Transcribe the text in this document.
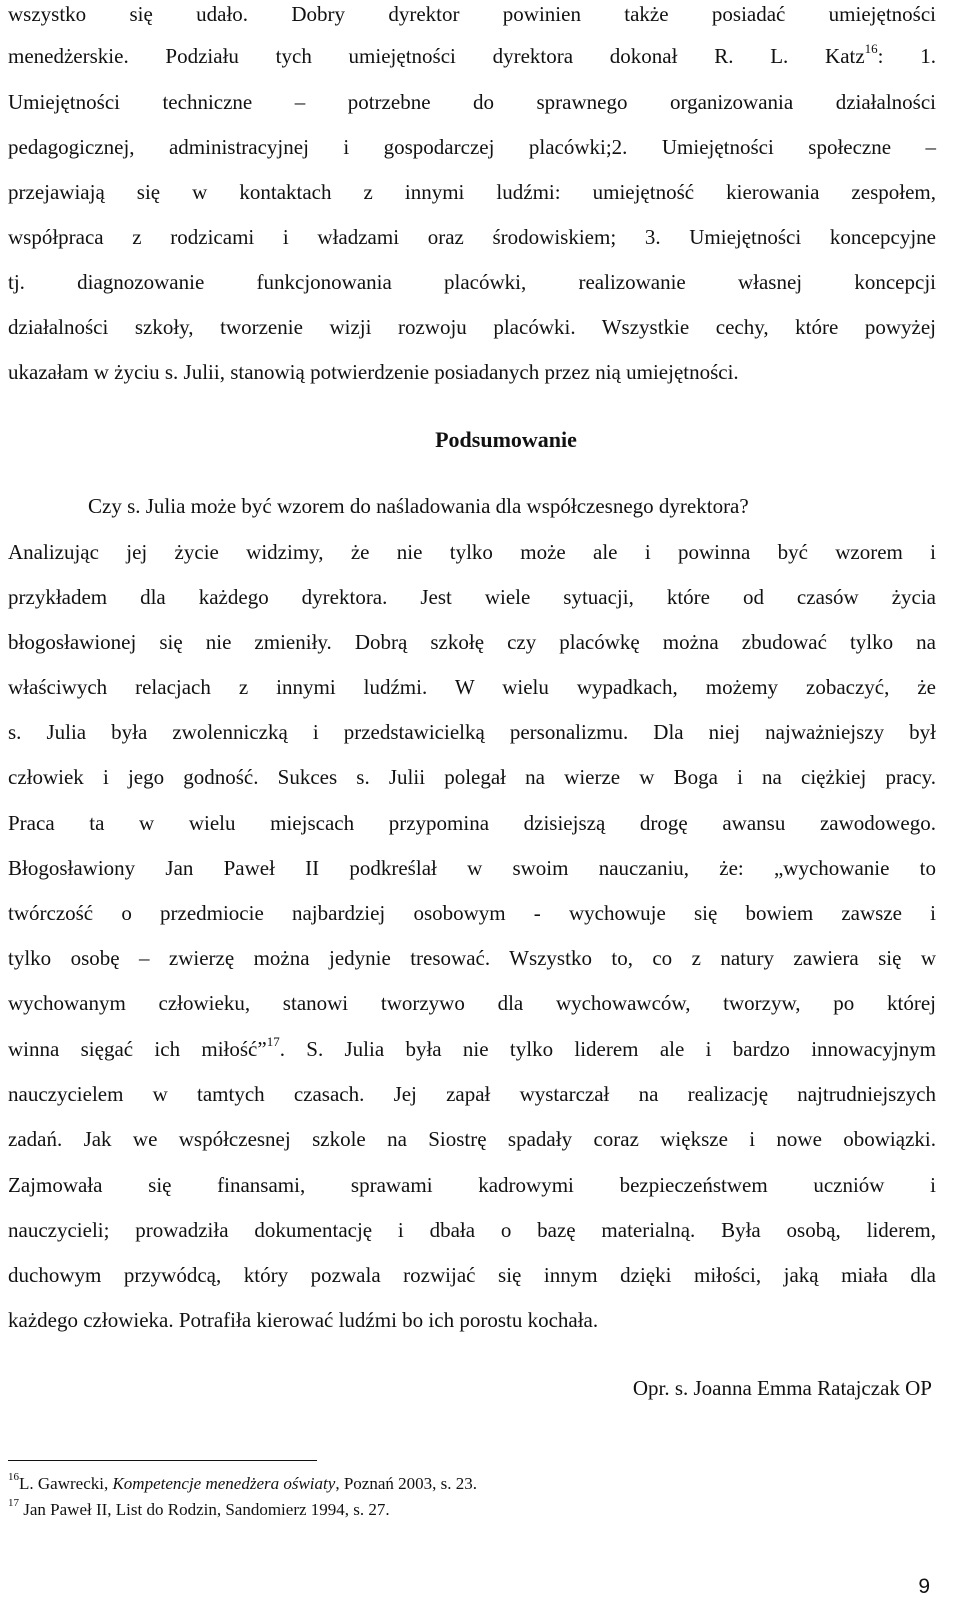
wszystko się udało. Dobry dyrektor powinien także posiadać umiejętności
menedżerskie. Podziału tych umiejętności dyrektora dokonał R. L. Katz$^{16}$: 1.
Umiejętności techniczne – potrzebne do sprawnego organizowania działalności
pedagogicznej, administracyjnej i gospodarczej placówki;2. Umiejętności społeczne –
przejawiają się w kontaktach z innymi ludźmi: umiejętność kierowania zespołem,
współpraca z rodzicami i władzami oraz środowiskiem; 3. Umiejętności koncepcyjne
tj. diagnozowanie funkcjonowania placówki, realizowanie własnej koncepcji
działalności szkoły, tworzenie wizji rozwoju placówki. Wszystkie cechy, które powyżej
ukazałam w życiu s. Julii, stanowią potwierdzenie posiadanych przez nią umiejętności.
Podsumowanie
Czy s. Julia może być wzorem do naśladowania dla współczesnego dyrektora?
Analizując jej życie widzimy, że nie tylko może ale i powinna być wzorem i
przykładem dla każdego dyrektora. Jest wiele sytuacji, które od czasów życia
błogosławionej się nie zmieniły. Dobrą szkołę czy placówkę można zbudować tylko na
właściwych relacjach z innymi ludźmi. W wielu wypadkach, możemy zobaczyć, że
s. Julia była zwolenniczką i przedstawicielką personalizmu. Dla niej najważniejszy był
człowiek i jego godność. Sukces s. Julii polegał na wierze w Boga i na ciężkiej pracy.
Praca ta w wielu miejscach przypomina dzisiejszą drogę awansu zawodowego.
Błogosławiony Jan Paweł II podkreślał w swoim nauczaniu, że: „wychowanie to
twórczość o przedmiocie najbardziej osobowym - wychowuje się bowiem zawsze i
tylko osobę – zwierzę można jedynie tresować. Wszystko to, co z natury zawiera się w
wychowanym człowieku, stanowi tworzywo dla wychowawców, tworzyw, po której
winna sięgać ich miłość”$^{17}$. S. Julia była nie tylko liderem ale i bardzo innowacyjnym
nauczycielem w tamtych czasach. Jej zapał wystarczał na realizację najtrudniejszych
zadań. Jak we współczesnej szkole na Siostrę spadały coraz większe i nowe obowiązki.
Zajmowała się finansami, sprawami kadrowymi bezpieczeństwem uczniów i
nauczycieli; prowadziła dokumentację i dbała o bazę materialną. Była osobą, liderem,
duchowym przywódcą, który pozwala rozwijać się innym dzięki miłości, jaką miała dla
każdego człowieka. Potrafiła kierować ludźmi bo ich porostu kochała.
Opr. s. Joanna Emma Ratajczak OP
$^{16}$L. Gawrecki, Kompetencje menedżera oświaty, Poznań 2003, s. 23.
$^{17}$ Jan Paweł II, List do Rodzin, Sandomierz 1994, s. 27.
9
